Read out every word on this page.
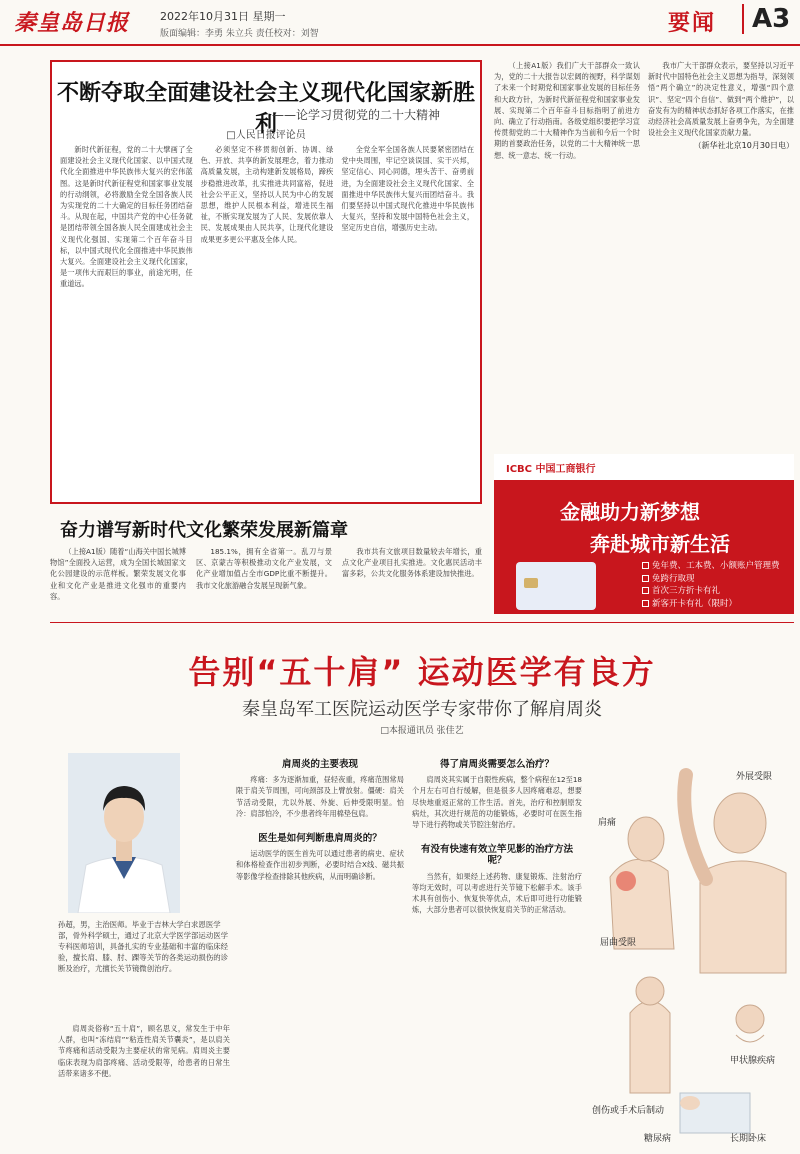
秦皇岛日报	2022年10月31日 星期一
版面编辑：李勇 朱立兵 责任校对：刘智	要闻	A3
不断夺取全面建设社会主义现代化国家新胜利
——论学习贯彻党的二十大精神
□人民日报评论员

新时代新征程，党的二十大擘画了全面建设社会主义现代化国家、以中国式现代化全面推进中华民族伟大复兴的宏伟蓝图。这是新时代新征程党和国家事业发展的行动纲领，必将激励全党全国各族人民为实现党的二十大确定的目标任务团结奋斗。从现在起，中国共产党的中心任务就是团结带领全国各族人民全面建成社会主义现代化强国、实现第二个百年奋斗目标，以中国式现代化全面推进中华民族伟大复兴。全面建设社会主义现代化国家，是一项伟大而艰巨的事业，前途光明，任重道远。

必须坚定不移贯彻创新、协调、绿色、开放、共享的新发展理念，着力推动高质量发展，主动构建新发展格局，蹄疾步稳推进改革，扎实推进共同富裕，促进社会公平正义，坚持以人民为中心的发展思想，维护人民根本利益，增进民生福祉，不断实现发展为了人民、发展依靠人民、发展成果由人民共享，让现代化建设成果更多更公平惠及全体人民。

全党全军全国各族人民要紧密团结在党中央周围，牢记空谈误国、实干兴邦，坚定信心、同心同德，埋头苦干、奋勇前进，为全面建设社会主义现代化国家、全面推进中华民族伟大复兴而团结奋斗。我们要坚持以中国式现代化推进中华民族伟大复兴，坚持和发展中国特色社会主义，坚定历史自信，增强历史主动。

（上接A1版）我们广大干部群众一致认为，党的二十大报告以宏阔的视野，科学谋划了未来一个时期党和国家事业发展的目标任务和大政方针，为新时代新征程党和国家事业发展、实现第二个百年奋斗目标指明了前进方向、确立了行动指南。各级党组织要把学习宣传贯彻党的二十大精神作为当前和今后一个时期的首要政治任务，以党的二十大精神统一思想、统一意志、统一行动。

我市广大干部群众表示，要坚持以习近平新时代中国特色社会主义思想为指导，深刻领悟“两个确立”的决定性意义，增强“四个意识”、坚定“四个自信”、做到“两个维护”，以奋发有为的精神状态抓好各项工作落实，在推动经济社会高质量发展上奋勇争先，为全面建设社会主义现代化国家贡献力量。

（新华社北京10月30日电）
ICBC 中国工商银行
金融助力新梦想
奔赴城市新生活
免年费、工本费、小额账户管理费
免跨行取现
首次三方折卡有礼
新客开卡有礼（限时）
奋力谱写新时代文化繁荣发展新篇章

（上接A1版）随着“山海关中国长城博物馆”全面投入运营，成为全国长城国家文化公园建设的示范样板。繁荣发展文化事业和文化产业是推进文化强市的重要内容。

185.1%，拥有全省第一。乱刀与景区、京蒙古等积极推动文化产业发展，文化产业增加值占全市GDP比重不断提升。我市文化旅游融合发展呈现新气象。

我市共有文旅项目数量较去年增长，重点文化产业项目扎实推进。文化惠民活动丰富多彩，公共文化服务体系建设加快推进。

告别“五十肩” 运动医学有良方
秦皇岛军工医院运动医学专家带你了解肩周炎
□本报通讯员 张佳艺
孙超，男，主治医师。毕业于吉林大学白求恩医学部，骨外科学硕士，通过了北京大学医学部运动医学专科医师培训，具备扎实的专业基础和丰富的临床经验，擅长肩、膝、肘、踝等关节的各类运动损伤的诊断及治疗，尤擅长关节镜微创治疗。

肩周炎俗称“五十肩”，顾名思义，常发生于中年人群，也叫“冻结肩”“粘连性肩关节囊炎”，是以肩关节疼痛和活动受限为主要症状的常见病。肩周炎主要临床表现为肩部疼痛、活动受限等，给患者的日常生活带来诸多不便。

肩周炎的主要表现

疼痛：多为逐渐加重，昼轻夜重，疼痛范围常局限于肩关节周围，可向颈部及上臂放射。僵硬：肩关节活动受限，尤以外展、外旋、后伸受限明显。怕冷：肩部怕冷，不少患者终年用棉垫包肩。

医生是如何判断患肩周炎的？

运动医学的医生首先可以通过患者的病史、症状和体格检查作出初步判断，必要时结合X线、磁共振等影像学检查排除其他疾病，从而明确诊断。

得了肩周炎需要怎么治疗？

肩周炎其实属于自限性疾病，整个病程在12至18个月左右可自行缓解，但是很多人因疼痛难忍，想要尽快地重返正常的工作生活。首先，治疗和控制原发病灶，其次进行规范的功能锻炼，必要时可在医生指导下进行药物或关节腔注射治疗。

有没有快速有效立竿见影的治疗方法呢？

当然有，如果经上述药物、康复锻炼、注射治疗等均无效时，可以考虑进行关节镜下松解手术。该手术具有创伤小、恢复快等优点，术后即可进行功能锻炼，大部分患者可以很快恢复肩关节的正常活动。

外展受限
肩痛
屈曲受限
甲状腺疾病
创伤或手术后制动
糖尿病	长期卧床
